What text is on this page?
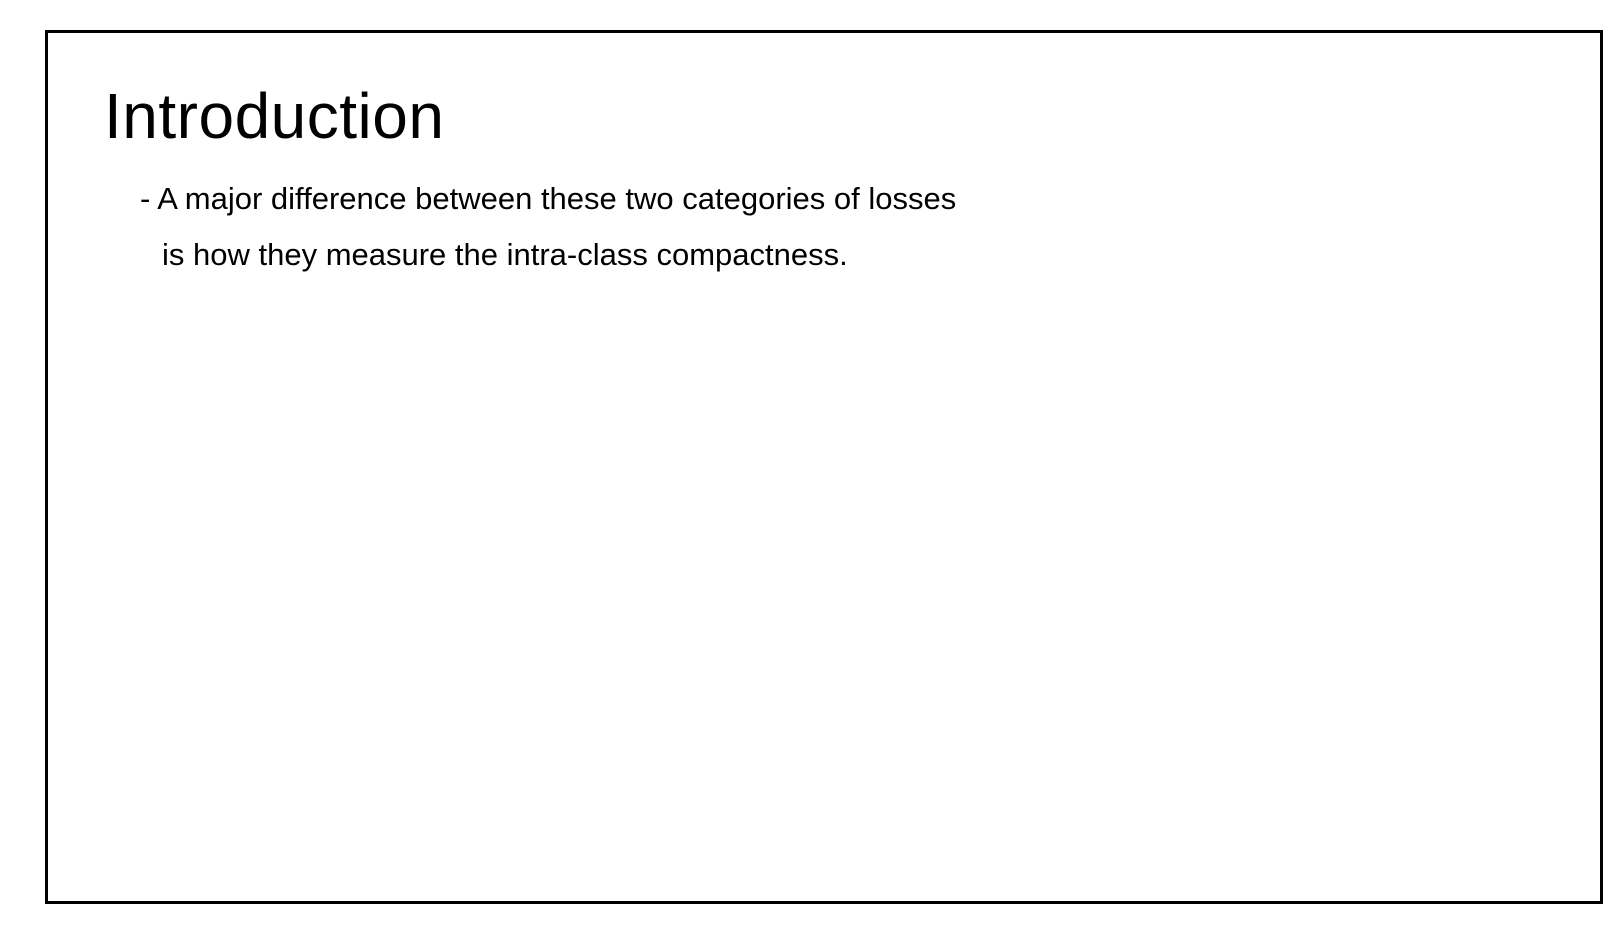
Introduction

- A major difference between these two categories of losses
is how they measure the intra-class compactness.
